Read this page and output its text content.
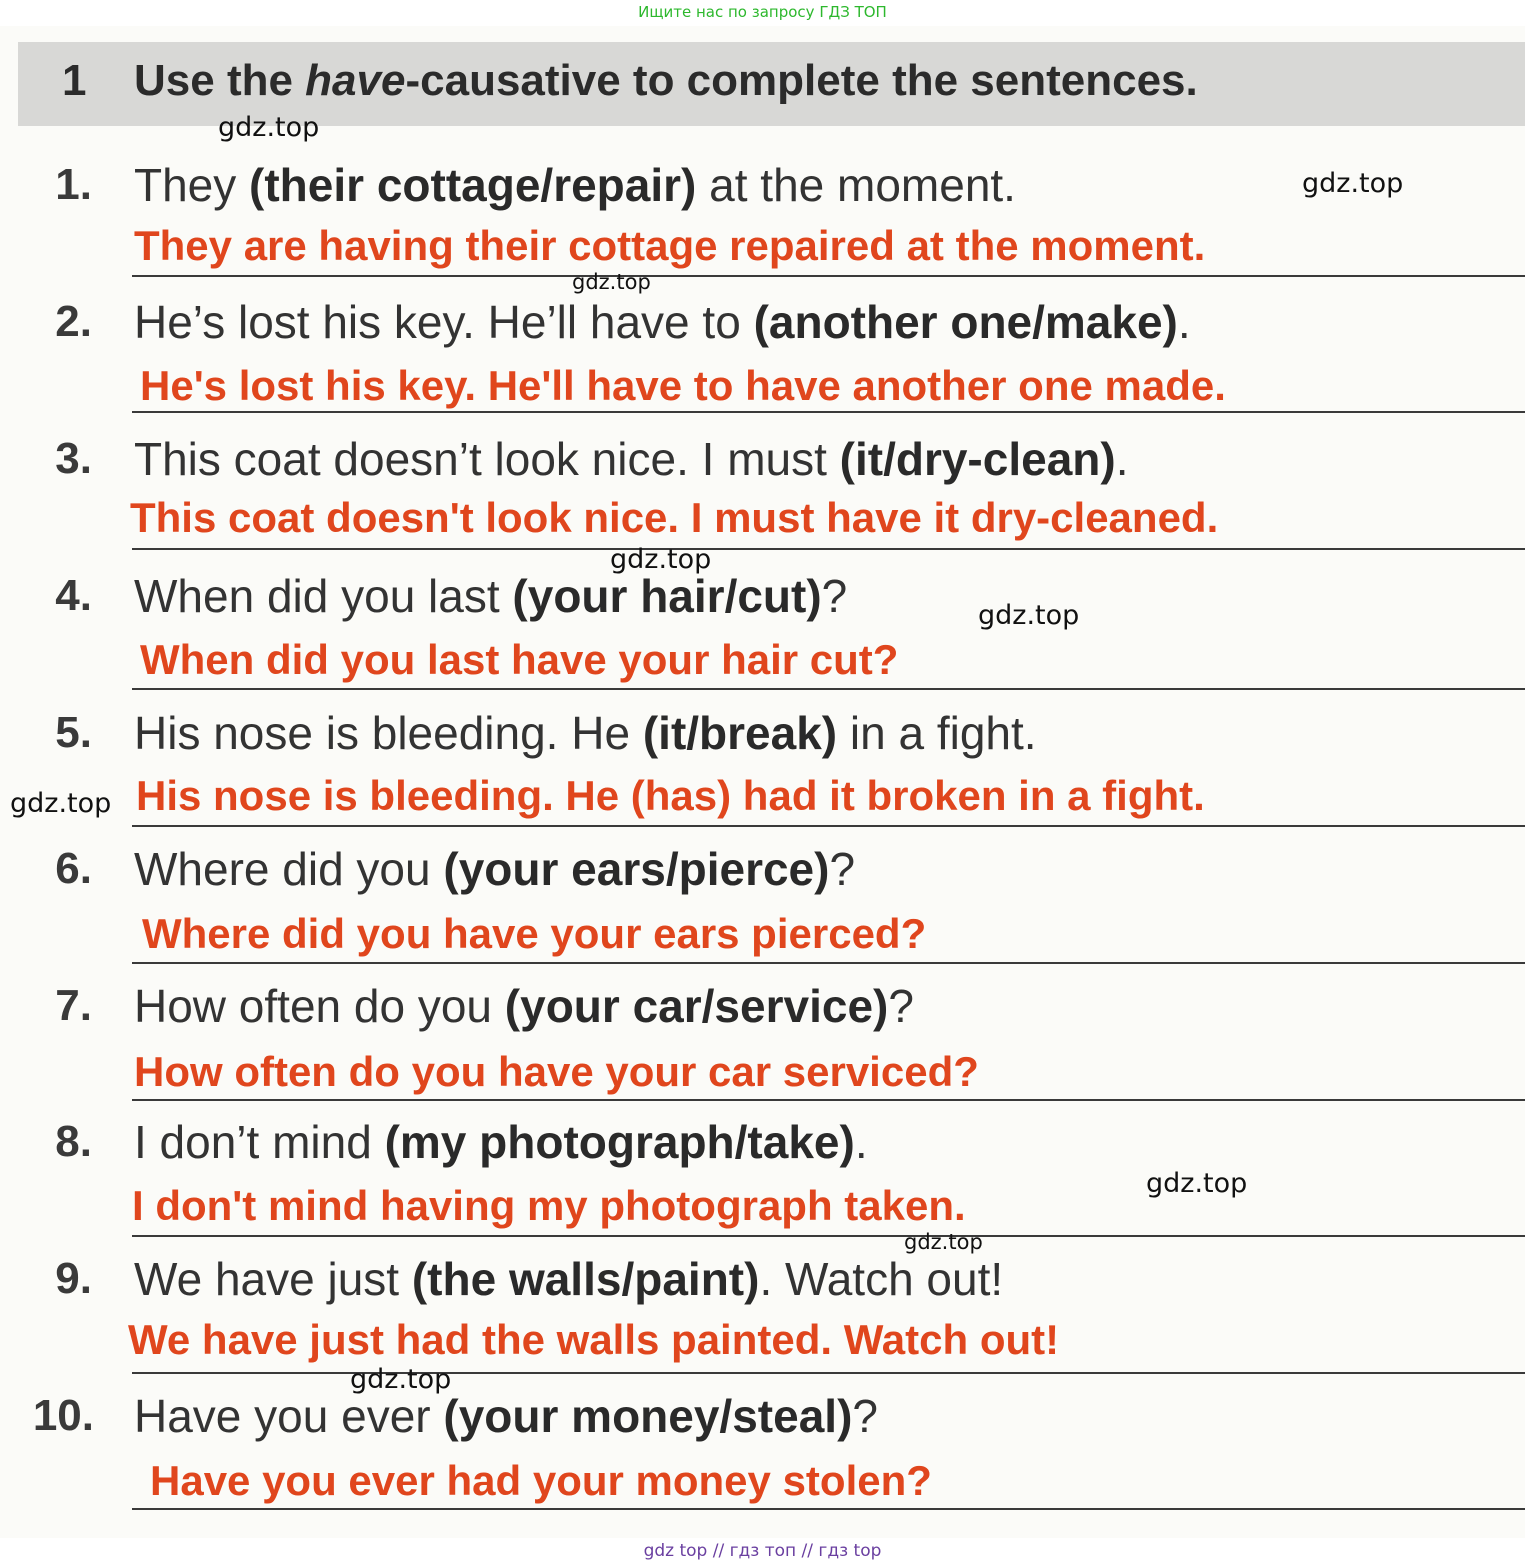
Ищите нас по запросу ГДЗ ТОП
1 Use the have-causative to complete the sentences.
1. They (their cottage/repair) at the moment.
They are having their cottage repaired at the moment.
2. He’s lost his key. He’ll have to (another one/make).
He's lost his key. He'll have to have another one made.
3. This coat doesn’t look nice. I must (it/dry-clean).
This coat doesn't look nice. I must have it dry-cleaned.
4. When did you last (your hair/cut)?
When did you last have your hair cut?
5. His nose is bleeding. He (it/break) in a fight.
His nose is bleeding. He (has) had it broken in a fight.
6. Where did you (your ears/pierce)?
Where did you have your ears pierced?
7. How often do you (your car/service)?
How often do you have your car serviced?
8. I don’t mind (my photograph/take).
I don't mind having my photograph taken.
9. We have just (the walls/paint). Watch out!
We have just had the walls painted. Watch out!
10. Have you ever (your money/steal)?
Have you ever had your money stolen?
gdz.top
gdz.top
gdz.top
gdz.top
gdz.top
gdz.top
gdz.top
gdz.top
gdz.top
gdz top // гдз топ // гдз top
